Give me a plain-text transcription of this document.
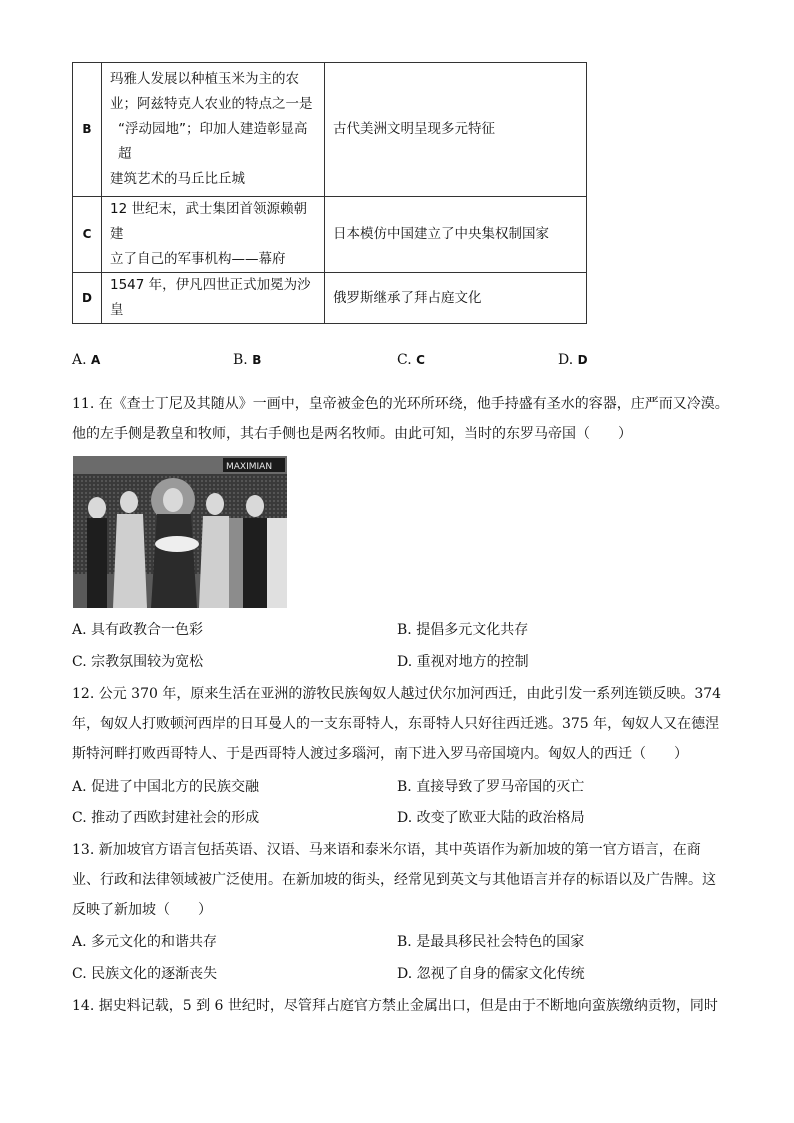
B	玛雅人发展以种植玉米为主的农
业；阿兹特克人农业的特点之一是
“浮动园地”；印加人建造彰显高超
建筑艺术的马丘比丘城	古代美洲文明呈现多元特征
C	12 世纪末，武士集团首领源赖朝建
立了自己的军事机构——幕府	日本模仿中国建立了中央集权制国家
D	1547 年，伊凡四世正式加冕为沙皇	俄罗斯继承了拜占庭文化
A. A	B. B	C. C	D. D
11. 在《查士丁尼及其随从》一画中，皇帝被金色的光环所环绕，他手持盛有圣水的容器，庄严而又冷漠。
他的左手侧是教皇和牧师，其右手侧也是两名牧师。由此可知，当时的东罗马帝国（　　）
MAXIMIAN
A. 具有政教合一色彩	B. 提倡多元文化共存
C. 宗教氛围较为宽松	D. 重视对地方的控制
12. 公元 370 年，原来生活在亚洲的游牧民族匈奴人越过伏尔加河西迁，由此引发一系列连锁反映。374
年，匈奴人打败顿河西岸的日耳曼人的一支东哥特人，东哥特人只好往西迁逃。375 年，匈奴人又在德涅
斯特河畔打败西哥特人、于是西哥特人渡过多瑙河，南下进入罗马帝国境内。匈奴人的西迁（　　）
A. 促进了中国北方的民族交融	B. 直接导致了罗马帝国的灭亡
C. 推动了西欧封建社会的形成	D. 改变了欧亚大陆的政治格局
13. 新加坡官方语言包括英语、汉语、马来语和泰米尔语，其中英语作为新加坡的第一官方语言，在商
业、行政和法律领域被广泛使用。在新加坡的街头，经常见到英文与其他语言并存的标语以及广告牌。这
反映了新加坡（　　）
A. 多元文化的和谐共存	B. 是最具移民社会特色的国家
C. 民族文化的逐渐丧失	D. 忽视了自身的儒家文化传统
14. 据史料记载，5 到 6 世纪时，尽管拜占庭官方禁止金属出口，但是由于不断地向蛮族缴纳贡物，同时
